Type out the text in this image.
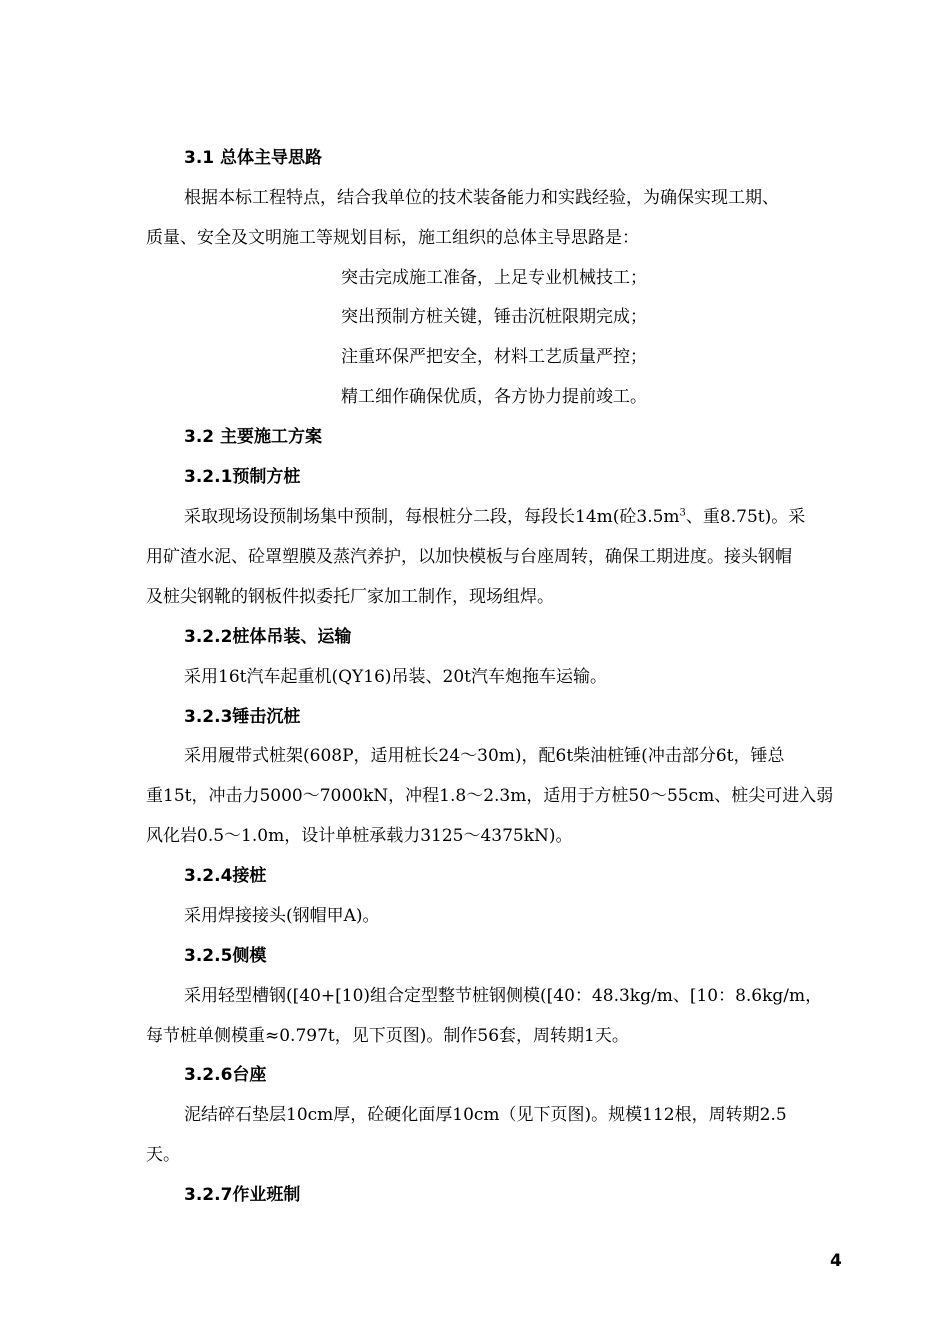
3.1 总体主导思路
根据本标工程特点，结合我单位的技术装备能力和实践经验，为确保实现工期、
质量、安全及文明施工等规划目标，施工组织的总体主导思路是：
突击完成施工准备，上足专业机械技工；
突出预制方桩关键，锤击沉桩限期完成；
注重环保严把安全，材料工艺质量严控；
精工细作确保优质，各方协力提前竣工。
3.2 主要施工方案
3.2.1预制方桩
采取现场设预制场集中预制，每根桩分二段，每段长14m(砼$3.5m^3$、重8.75t)。采
用矿渣水泥、砼罩塑膜及蒸汽养护，以加快模板与台座周转，确保工期进度。接头钢帽
及桩尖钢靴的钢板件拟委托厂家加工制作，现场组焊。
3.2.2桩体吊装、运输
采用16t汽车起重机(QY16)吊装、20t汽车炮拖车运输。
3.2.3锤击沉桩
采用履带式桩架(608P，适用桩长24～30m)，配6t柴油桩锤(冲击部分6t，锤总
重15t，冲击力5000～7000kN，冲程1.8～2.3m，适用于方桩50～55cm、桩尖可进入弱
风化岩0.5～1.0m，设计单桩承载力3125～4375kN)。
3.2.4接桩
采用焊接接头(钢帽甲A)。
3.2.5侧模
采用轻型槽钢([40+[10)组合定型整节桩钢侧模([40：48.3kg/m、[10：8.6kg/m，
每节桩单侧模重≈0.797t，见下页图)。制作56套，周转期1天。
3.2.6台座
泥结碎石垫层10cm厚，砼硬化面厚10cm（见下页图)。规模112根，周转期2.5
天。
3.2.7作业班制
4
